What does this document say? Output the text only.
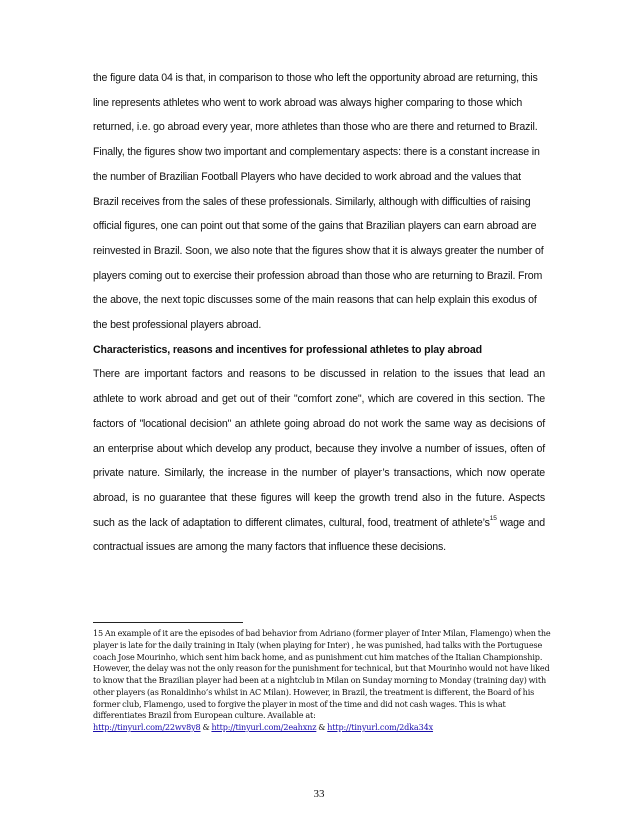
the figure data 04 is that, in comparison to those who left the opportunity abroad are returning, this line represents athletes who went to work abroad was always higher comparing to those which returned, i.e. go abroad every year, more athletes than those who are there and returned to Brazil.

Finally, the figures show two important and complementary aspects: there is a constant increase in the number of Brazilian Football Players who have decided to work abroad and the values that Brazil receives from the sales of these professionals. Similarly, although with difficulties of raising official figures, one can point out that some of the gains that Brazilian players can earn abroad are reinvested in Brazil. Soon, we also note that the figures show that it is always greater the number of players coming out to exercise their profession abroad than those who are returning to Brazil. From the above, the next topic discusses some of the main reasons that can help explain this exodus of the best professional players abroad.

Characteristics, reasons and incentives for professional athletes to play abroad

There are important factors and reasons to be discussed in relation to the issues that lead an athlete to work abroad and get out of their "comfort zone", which are covered in this section. The factors of "locational decision" an athlete going abroad do not work the same way as decisions of an enterprise about which develop any product, because they involve a number of issues, often of private nature. Similarly, the increase in the number of player’s transactions, which now operate abroad, is no guarantee that these figures will keep the growth trend also in the future. Aspects such as the lack of adaptation to different climates, cultural, food, treatment of $athlete’s^{15}$ wage and contractual issues are among the many factors that influence these decisions.

15 An example of it are the episodes of bad behavior from Adriano (former player of Inter Milan, Flamengo) when the player is late for the daily training in Italy (when playing for Inter) , he was punished, had talks with the Portuguese coach Jose Mourinho, which sent him back home, and as punishment cut him matches of the Italian Championship. However, the delay was not the only reason for the punishment for technical, but that Mourinho would not have liked to know that the Brazilian player had been at a nightclub in Milan on Sunday morning to Monday (training day) with other players (as Ronaldinho’s whilst in AC Milan). However, in Brazil, the treatment is different, the Board of his former club, Flamengo, used to forgive the player in most of the time and did not cash wages. This is what differentiates Brazil from European culture. Available at:
http://tinyurl.com/22wv8y8 & http://tinyurl.com/2eahxnz & http://tinyurl.com/2dka34x

33
